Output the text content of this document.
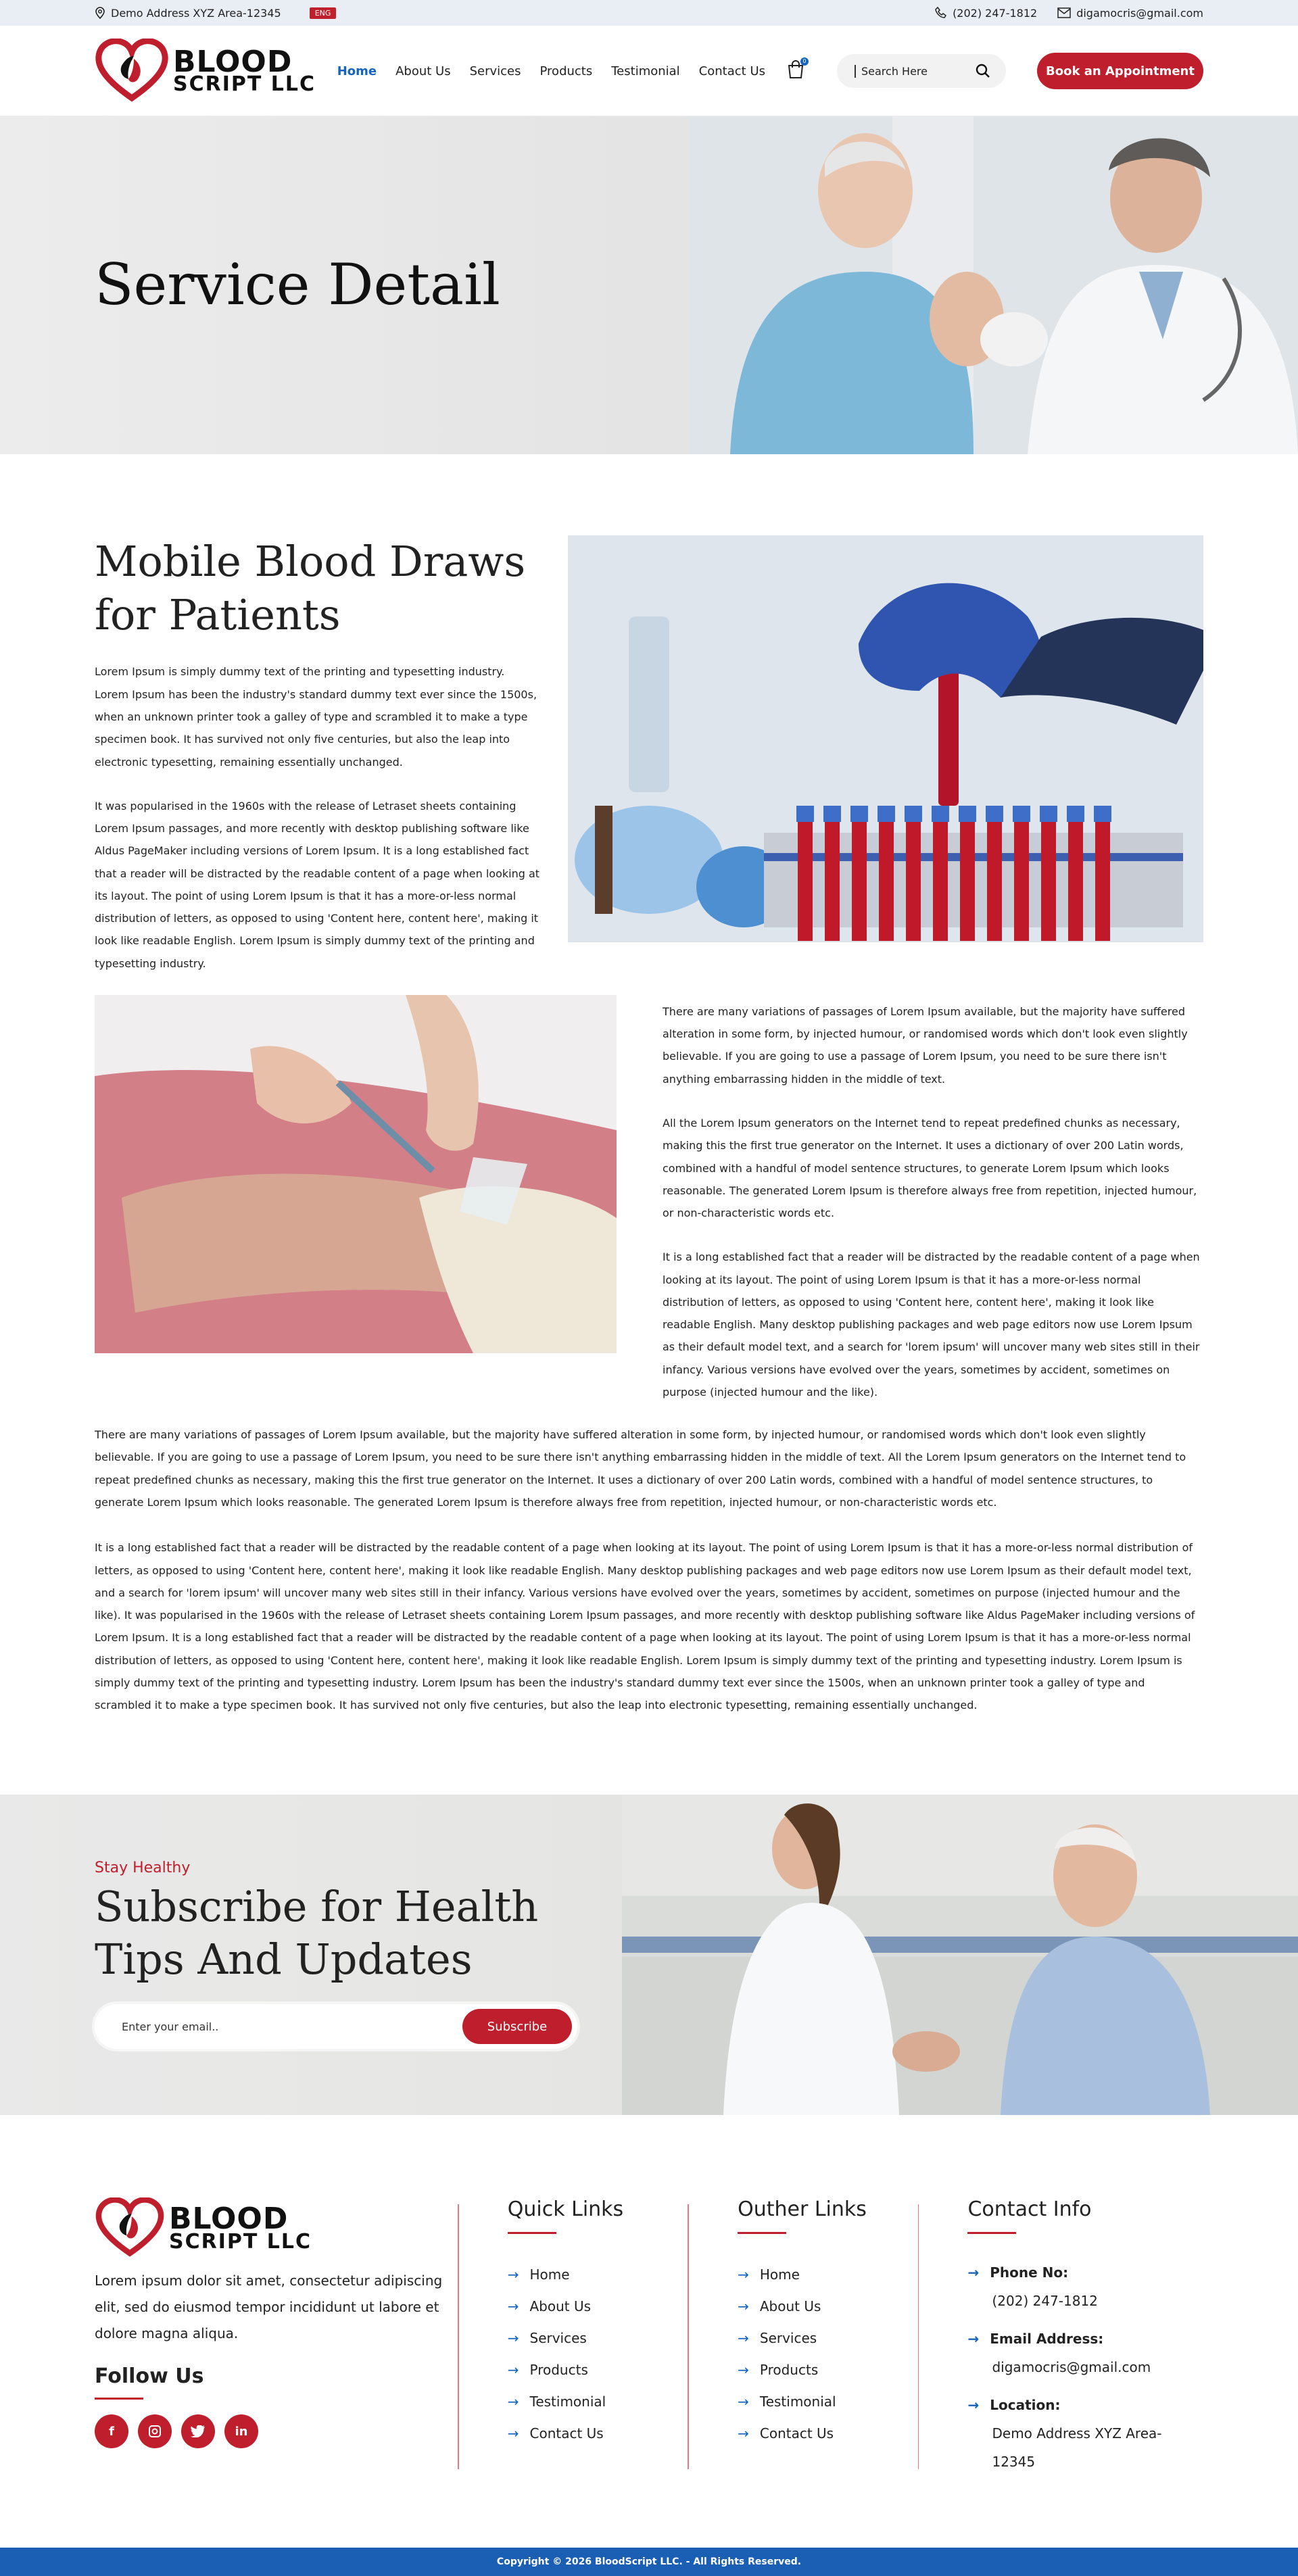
Demo Address XYZ Area-12345	ENG	(202) 247-1812	digamocris@gmail.com
BLOOD
SCRIPT LLC
Home About Us Services Products Testimonial Contact Us
0
Search Here	Book an Appointment
Service Detail
Mobile Blood Draws for Patients

Lorem Ipsum is simply dummy text of the printing and typesetting industry. Lorem Ipsum has been the industry's standard dummy text ever since the 1500s, when an unknown printer took a galley of type and scrambled it to make a type specimen book. It has survived not only five centuries, but also the leap into electronic typesetting, remaining essentially unchanged.

It was popularised in the 1960s with the release of Letraset sheets containing Lorem Ipsum passages, and more recently with desktop publishing software like Aldus PageMaker including versions of Lorem Ipsum. It is a long established fact that a reader will be distracted by the readable content of a page when looking at its layout. The point of using Lorem Ipsum is that it has a more-or-less normal distribution of letters, as opposed to using 'Content here, content here', making it look like readable English. Lorem Ipsum is simply dummy text of the printing and typesetting industry.

There are many variations of passages of Lorem Ipsum available, but the majority have suffered alteration in some form, by injected humour, or randomised words which don't look even slightly believable. If you are going to use a passage of Lorem Ipsum, you need to be sure there isn't anything embarrassing hidden in the middle of text.

All the Lorem Ipsum generators on the Internet tend to repeat predefined chunks as necessary, making this the first true generator on the Internet. It uses a dictionary of over 200 Latin words, combined with a handful of model sentence structures, to generate Lorem Ipsum which looks reasonable. The generated Lorem Ipsum is therefore always free from repetition, injected humour, or non-characteristic words etc.

It is a long established fact that a reader will be distracted by the readable content of a page when looking at its layout. The point of using Lorem Ipsum is that it has a more-or-less normal distribution of letters, as opposed to using 'Content here, content here', making it look like readable English. Many desktop publishing packages and web page editors now use Lorem Ipsum as their default model text, and a search for 'lorem ipsum' will uncover many web sites still in their infancy. Various versions have evolved over the years, sometimes by accident, sometimes on purpose (injected humour and the like).

There are many variations of passages of Lorem Ipsum available, but the majority have suffered alteration in some form, by injected humour, or randomised words which don't look even slightly believable. If you are going to use a passage of Lorem Ipsum, you need to be sure there isn't anything embarrassing hidden in the middle of text. All the Lorem Ipsum generators on the Internet tend to repeat predefined chunks as necessary, making this the first true generator on the Internet. It uses a dictionary of over 200 Latin words, combined with a handful of model sentence structures, to generate Lorem Ipsum which looks reasonable. The generated Lorem Ipsum is therefore always free from repetition, injected humour, or non-characteristic words etc.

It is a long established fact that a reader will be distracted by the readable content of a page when looking at its layout. The point of using Lorem Ipsum is that it has a more-or-less normal distribution of letters, as opposed to using 'Content here, content here', making it look like readable English. Many desktop publishing packages and web page editors now use Lorem Ipsum as their default model text, and a search for 'lorem ipsum' will uncover many web sites still in their infancy. Various versions have evolved over the years, sometimes by accident, sometimes on purpose (injected humour and the like). It was popularised in the 1960s with the release of Letraset sheets containing Lorem Ipsum passages, and more recently with desktop publishing software like Aldus PageMaker including versions of Lorem Ipsum. It is a long established fact that a reader will be distracted by the readable content of a page when looking at its layout. The point of using Lorem Ipsum is that it has a more-or-less normal distribution of letters, as opposed to using 'Content here, content here', making it look like readable English. Lorem Ipsum is simply dummy text of the printing and typesetting industry. Lorem Ipsum is simply dummy text of the printing and typesetting industry. Lorem Ipsum has been the industry's standard dummy text ever since the 1500s, when an unknown printer took a galley of type and scrambled it to make a type specimen book. It has survived not only five centuries, but also the leap into electronic typesetting, remaining essentially unchanged.

Stay Healthy
Subscribe for Health Tips And Updates
Enter your email..	Subscribe
BLOOD
SCRIPT LLC

Lorem ipsum dolor sit amet, consectetur adipiscing elit, sed do eiusmod tempor incididunt ut labore et dolore magna aliqua.

Follow Us
f	in
Quick Links
→ Home
→ About Us
→ Services
→ Products
→ Testimonial
→ Contact Us
Outher Links
→ Home
→ About Us
→ Services
→ Products
→ Testimonial
→ Contact Us
Contact Info
→ Phone No:
(202) 247-1812
→ Email Address:
digamocris@gmail.com
→ Location:
Demo Address XYZ Area-12345
Copyright © 2026 BloodScript LLC. - All Rights Reserved.
